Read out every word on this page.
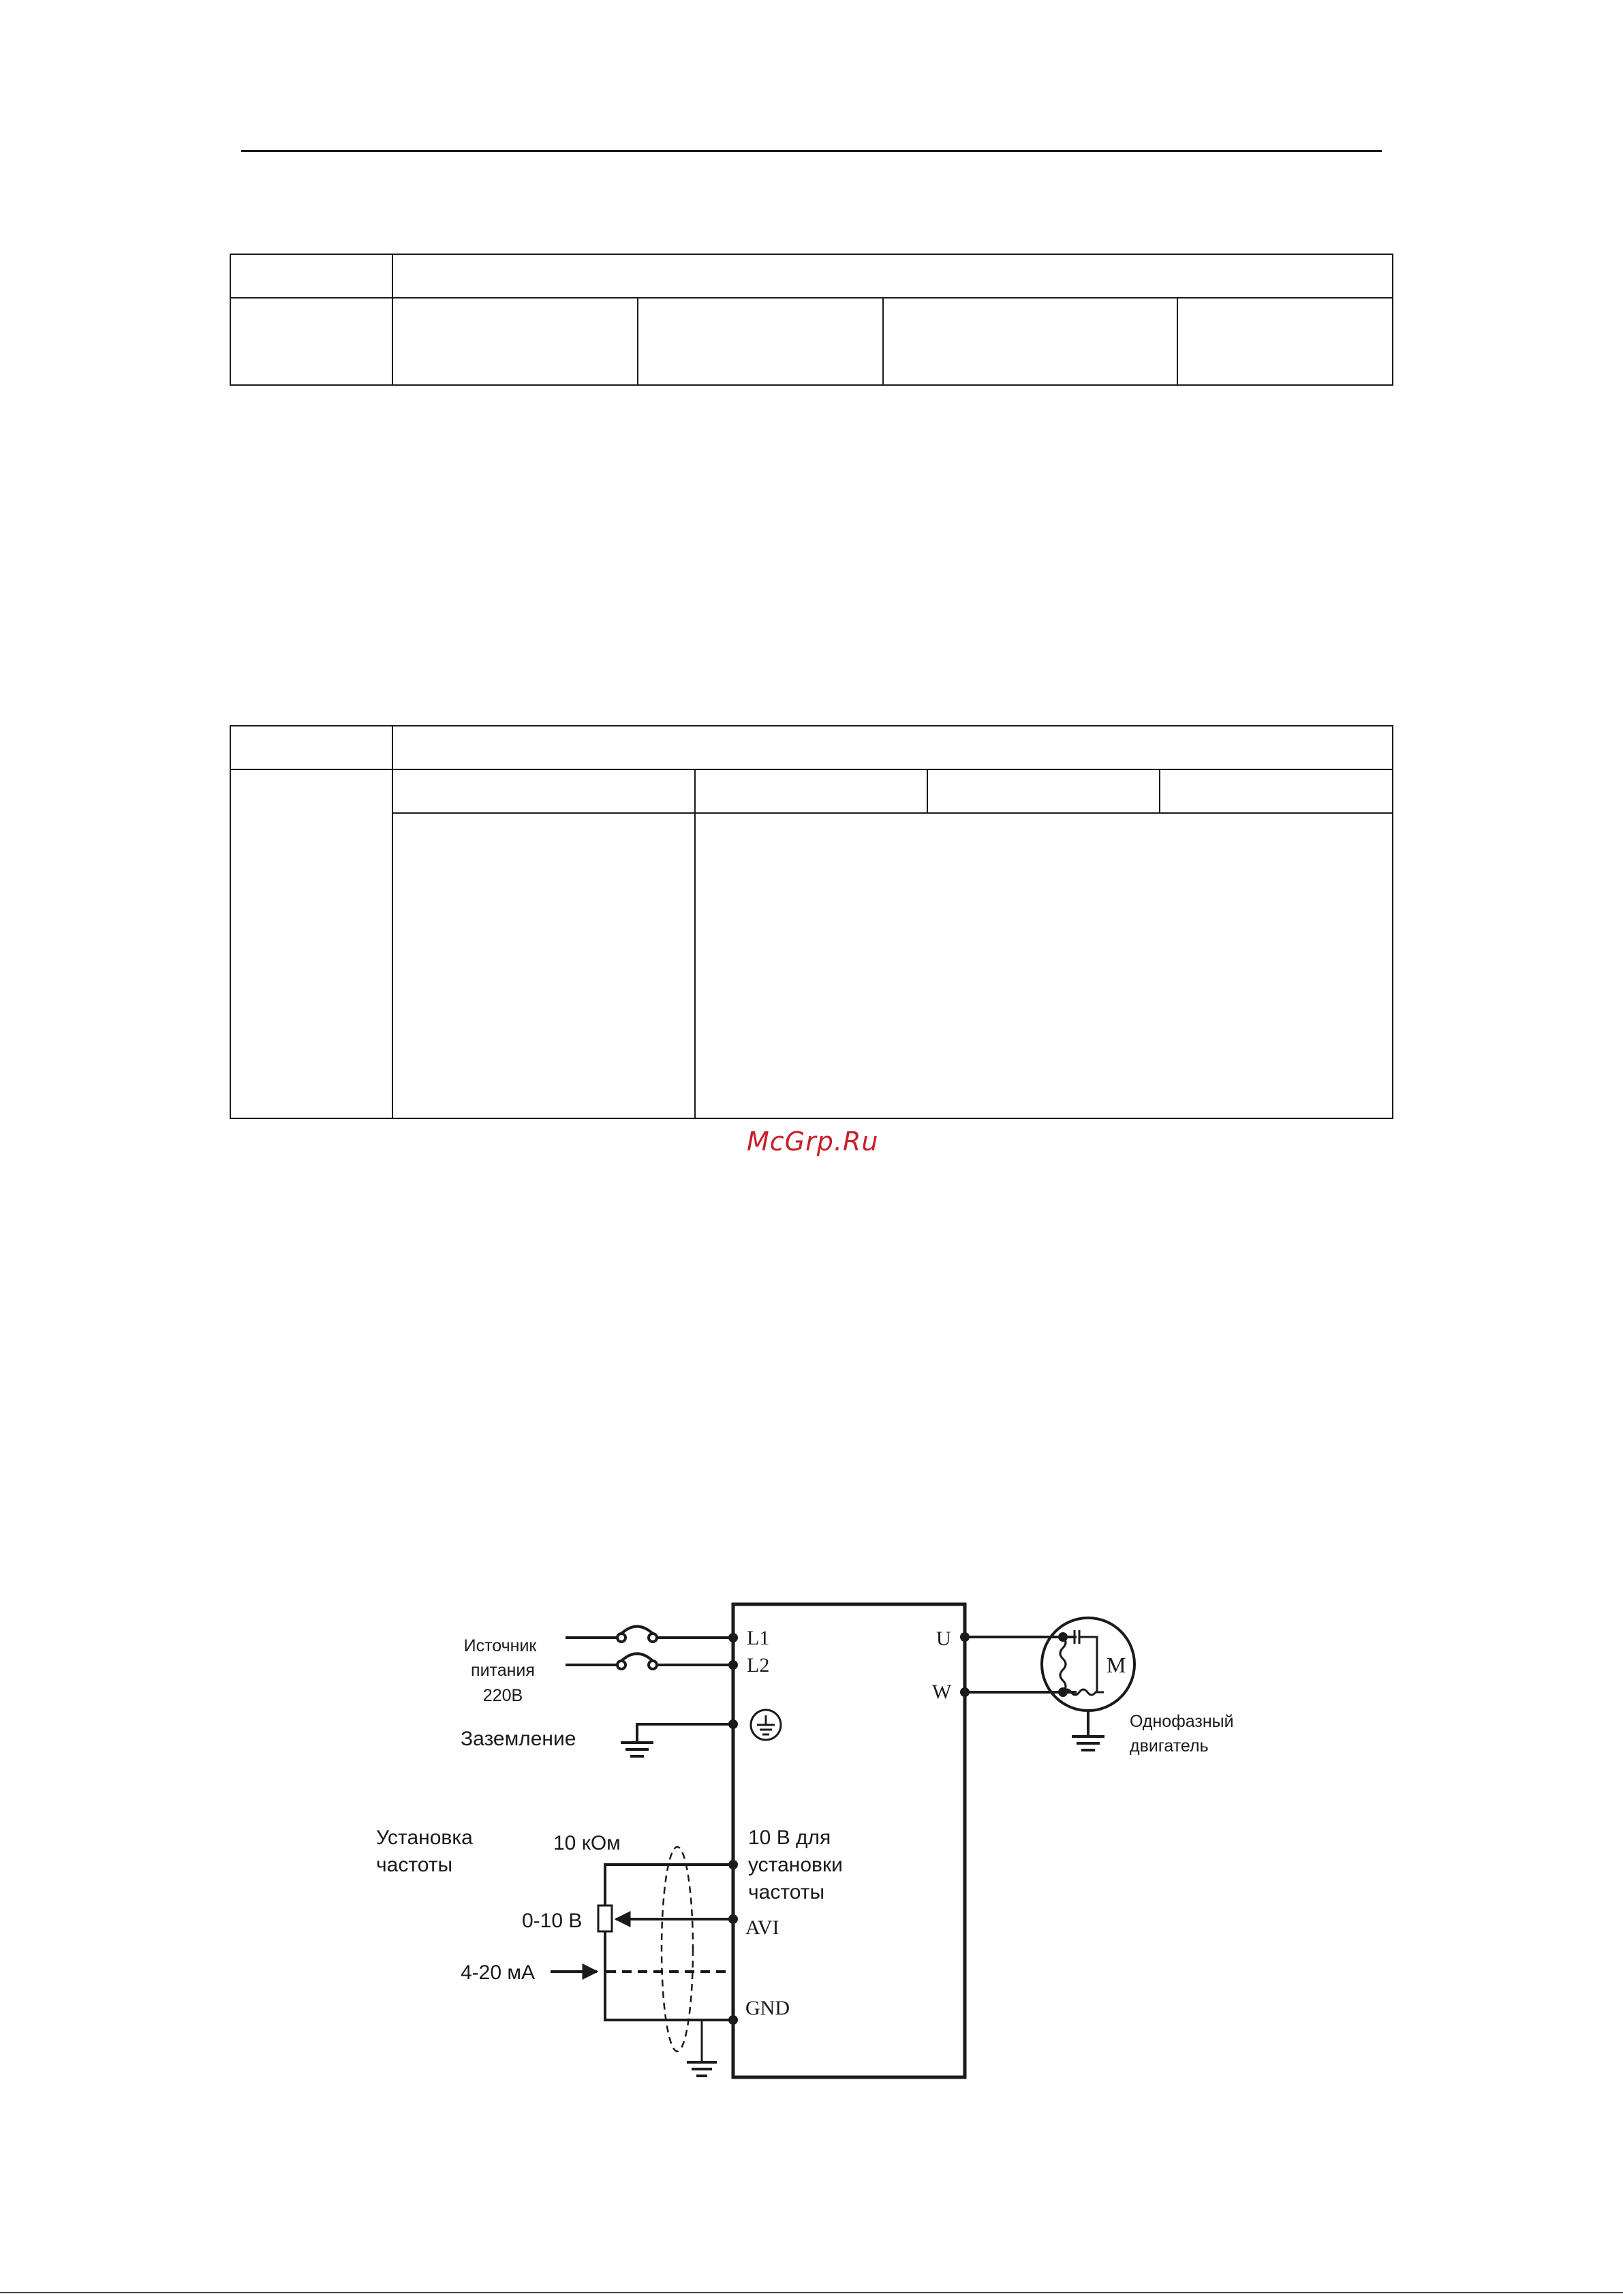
McGrp.Ru
Источник
питания
220В
Заземление
Установка
частоты
10 кОм
0-10 В
4-20 мА
10 В для
установки
частоты
L1
L2
U
W
AVI
GND
M
Однофазный
двигатель
